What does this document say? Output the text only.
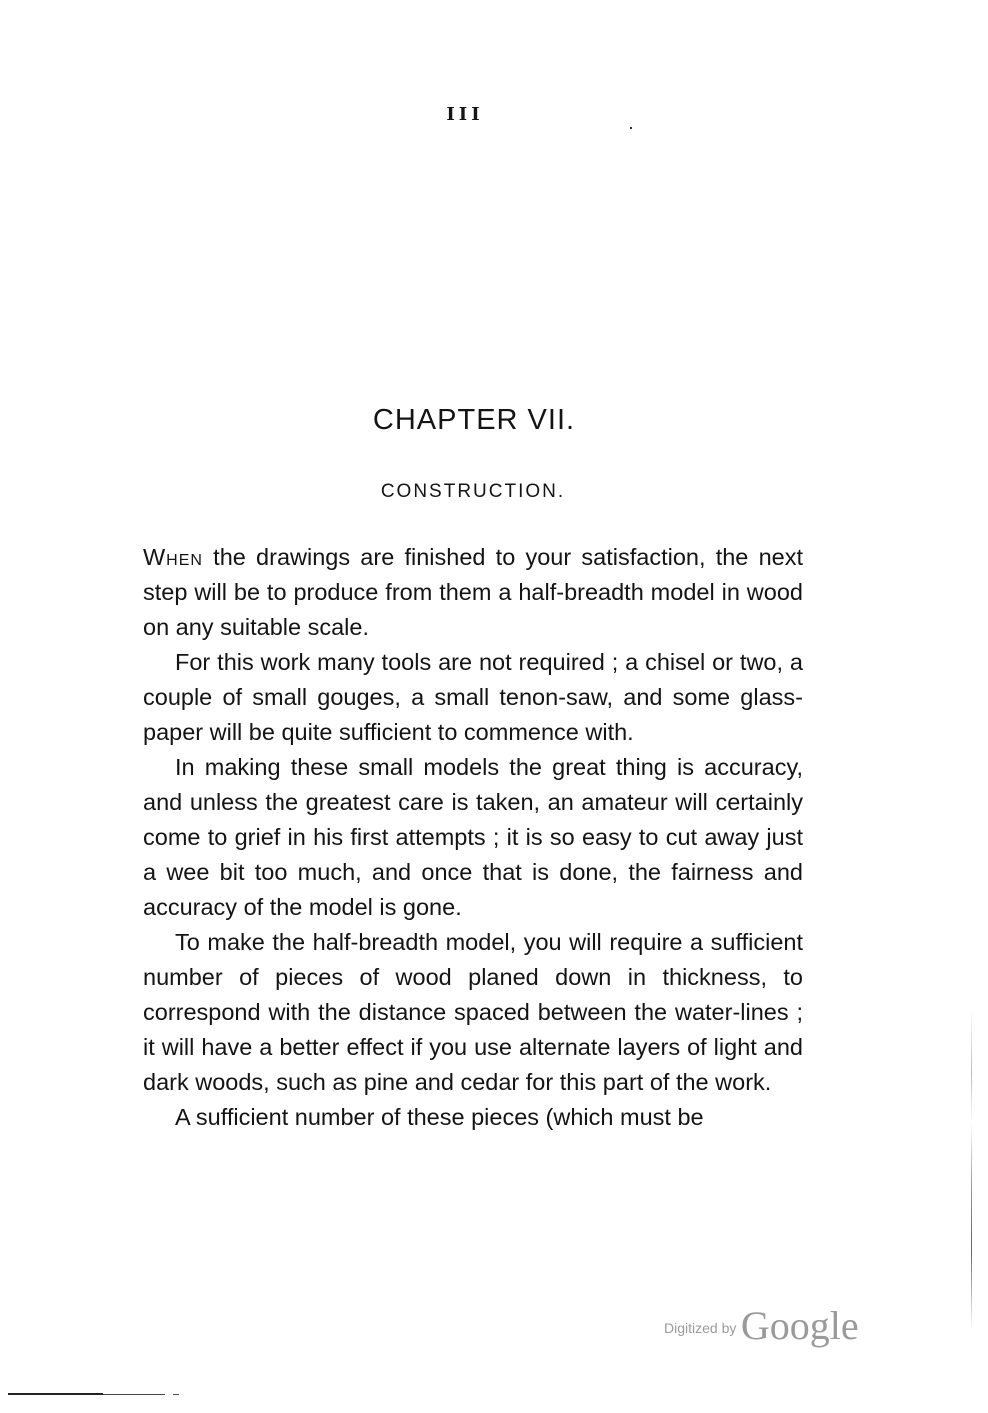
III
CHAPTER VII.
CONSTRUCTION.

When the drawings are finished to your satisfaction, the next step will be to produce from them a half-breadth model in wood on any suitable scale.

For this work many tools are not required ; a chisel or two, a couple of small gouges, a small tenon-saw, and some glass-paper will be quite sufficient to commence with.

In making these small models the great thing is accuracy, and unless the greatest care is taken, an amateur will certainly come to grief in his first attempts ; it is so easy to cut away just a wee bit too much, and once that is done, the fairness and accuracy of the model is gone.

To make the half-breadth model, you will require a sufficient number of pieces of wood planed down in thickness, to correspond with the distance spaced between the water-lines ; it will have a better effect if you use alternate layers of light and dark woods, such as pine and cedar for this part of the work.

A sufficient number of these pieces (which must be

Digitized by Google
